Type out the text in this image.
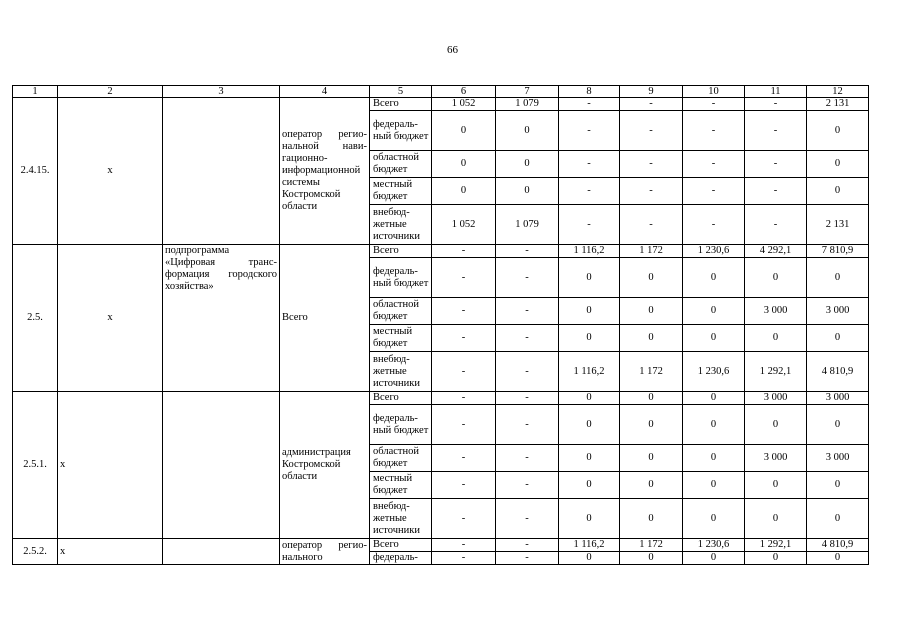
66
1	2	3	4	5	6	7	8	9	10	11	12
2.4.15.	x		оператор региональной навигационно-информационной системы Костромской области	Всего	1 052	1 079	-	-	-	-	2 131
				федеральный бюджет	0	0	-	-	-	-	0
				областной бюджет	0	0	-	-	-	-	0
				местный бюджет	0	0	-	-	-	-	0
				внебюджетные источники	1 052	1 079	-	-	-	-	2 131
2.5.	x	подпрограмма «Цифровая трансформация городского хозяйства»	Всего	Всего	-	-	1 116,2	1 172	1 230,6	4 292,1	7 810,9
				федеральный бюджет	-	-	0	0	0	0	0
				областной бюджет	-	-	0	0	0	3 000	3 000
				местный бюджет	-	-	0	0	0	0	0
				внебюджетные источники	-	-	1 116,2	1 172	1 230,6	1 292,1	4 810,9
2.5.1.	x		администрация Костромской области	Всего	-	-	0	0	0	3 000	3 000
				федеральный бюджет	-	-	0	0	0	0	0
				областной бюджет	-	-	0	0	0	3 000	3 000
				местный бюджет	-	-	0	0	0	0	0
				внебюджетные источники	-	-	0	0	0	0	0
2.5.2.	x		оператор регионального	Всего	-	-	1 116,2	1 172	1 230,6	1 292,1	4 810,9
				федераль-	-	-	0	0	0	0	0
